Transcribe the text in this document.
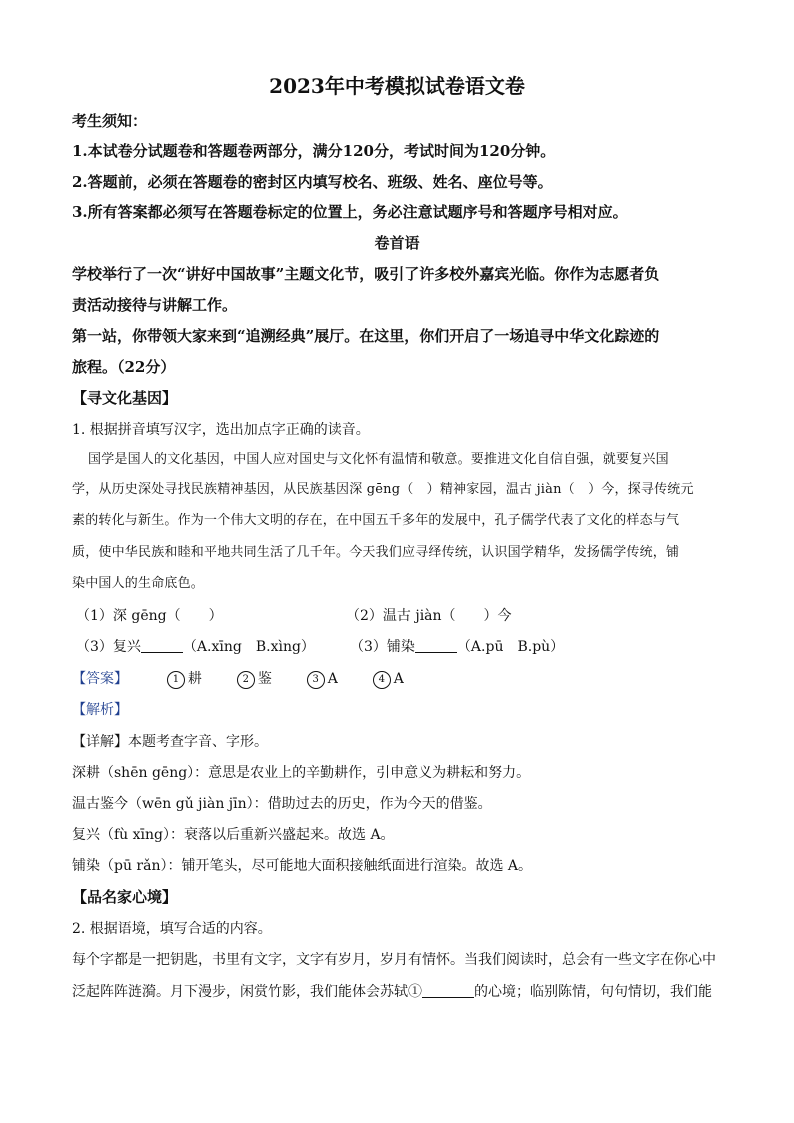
2023年中考模拟试卷语文卷
考生须知：
1.本试卷分试题卷和答题卷两部分，满分120分，考试时间为120分钟。
2.答题前，必须在答题卷的密封区内填写校名、班级、姓名、座位号等。
3.所有答案都必须写在答题卷标定的位置上，务必注意试题序号和答题序号相对应。
卷首语
学校举行了一次“讲好中国故事”主题文化节，吸引了许多校外嘉宾光临。你作为志愿者负
责活动接待与讲解工作。
第一站，你带领大家来到“追溯经典”展厅。在这里，你们开启了一场追寻中华文化踪迹的
旅程。（22分）
【寻文化基因】
1. 根据拼音填写汉字，选出加点字正确的读音。
国学是国人的文化基因，中国人应对国史与文化怀有温情和敬意。要推进文化自信自强，就要复兴国
学，从历史深处寻找民族精神基因，从民族基因深 gēng（　）精神家园，温古 jiàn（　）今，探寻传统元
素的转化与新生。作为一个伟大文明的存在，在中国五千多年的发展中，孔子儒学代表了文化的样态与气
质，使中华民族和睦和平地共同生活了几千年。今天我们应寻绎传统，认识国学精华，发扬儒学传统，铺
染中国人的生命底色。
（1）深 gēng（　　）	（2）温古 jiàn（　　）今
（3）复兴	（A.xīng　B.xìng）	（3）铺染	（A.pū　B.pù）
【答案】	1 耕	2 鉴	3 A	4 A
【解析】
【详解】本题考查字音、字形。
深耕（shēn gēng）：意思是农业上的辛勤耕作，引申意义为耕耘和努力。
温古鉴今（wēn gǔ jiàn jīn）：借助过去的历史，作为今天的借鉴。
复兴（fù xīng）：衰落以后重新兴盛起来。故选 A。
铺染（pū rǎn）：铺开笔头，尽可能地大面积接触纸面进行渲染。故选 A。
【品名家心境】
2. 根据语境，填写合适的内容。
每个字都是一把钥匙，书里有文字，文字有岁月，岁月有情怀。当我们阅读时，总会有一些文字在你心中
泛起阵阵涟漪。月下漫步，闲赏竹影，我们能体会苏轼①	的心境；临别陈情，句句情切，我们能
